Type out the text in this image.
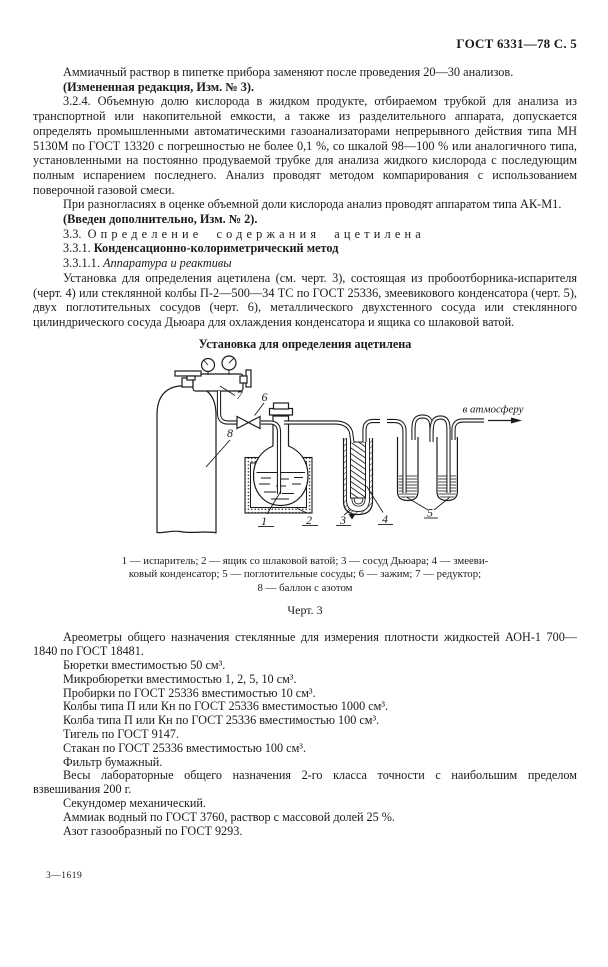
ГОСТ 6331—78 С. 5

Аммиачный раствор в пипетке прибора заменяют после проведения 20—30 анализов.

(Измененная редакция, Изм. № 3).

3.2.4. Объемную долю кислорода в жидком продукте, отбираемом трубкой для анализа из транспортной или накопительной емкости, а также из разделительного аппарата, допускается определять промышленными автоматическими газоанализаторами непрерывного действия типа МН 5130М по ГОСТ 13320 с погрешностью не более 0,1 %, со шкалой 98—100 % или аналогичного типа, установленными на постоянно продуваемой трубке для анализа жидкого кислорода с последующим полным испарением последнего. Анализ проводят методом компарирования с использованием поверочной газовой смеси.

При разногласиях в оценке объемной доли кислорода анализ проводят аппаратом типа АК-М1.

(Введен дополнительно, Изм. № 2).

3.3. Определение содержания ацетилена

3.3.1. Конденсационно-колориметрический метод

3.3.1.1. Аппаратура и реактивы

Установка для определения ацетилена (см. черт. 3), состоящая из пробоотборника-испарителя (черт. 4) или стеклянной колбы П-2—500—34 ТС по ГОСТ 25336, змеевикового конденсатора (черт. 5), двух поглотительных сосудов (черт. 6), металлического двухстенного сосуда или стеклянного цилиндрического сосуда Дьюара для охлаждения конденсатора и ящика со шлаковой ватой.

Установка для определения ацетилена
в атмосферу
1	2 3	4	5
6
7
8
1 — испаритель; 2 — ящик со шлаковой ватой; 3 — сосуд Дьюара; 4 — змееви-
ковый конденсатор; 5 — поглотительные сосуды; 6 — зажим; 7 — редуктор;
8 — баллон с азотом
Черт. 3

Ареометры общего назначения стеклянные для измерения плотности жидкостей АОН-1 700—1840 по ГОСТ 18481.

Бюретки вместимостью 50 см³.

Микробюретки вместимостью 1, 2, 5, 10 см³.

Пробирки по ГОСТ 25336 вместимостью 10 см³.

Колбы типа П или Кн по ГОСТ 25336 вместимостью 1000 см³.

Колба типа П или Кн по ГОСТ 25336 вместимостью 100 см³.

Тигель по ГОСТ 9147.

Стакан по ГОСТ 25336 вместимостью 100 см³.

Фильтр бумажный.

Весы лабораторные общего назначения 2-го класса точности с наибольшим пределом взвешивания 200 г.

Секундомер механический.

Аммиак водный по ГОСТ 3760, раствор с массовой долей 25 %.

Азот газообразный по ГОСТ 9293.

3—1619
